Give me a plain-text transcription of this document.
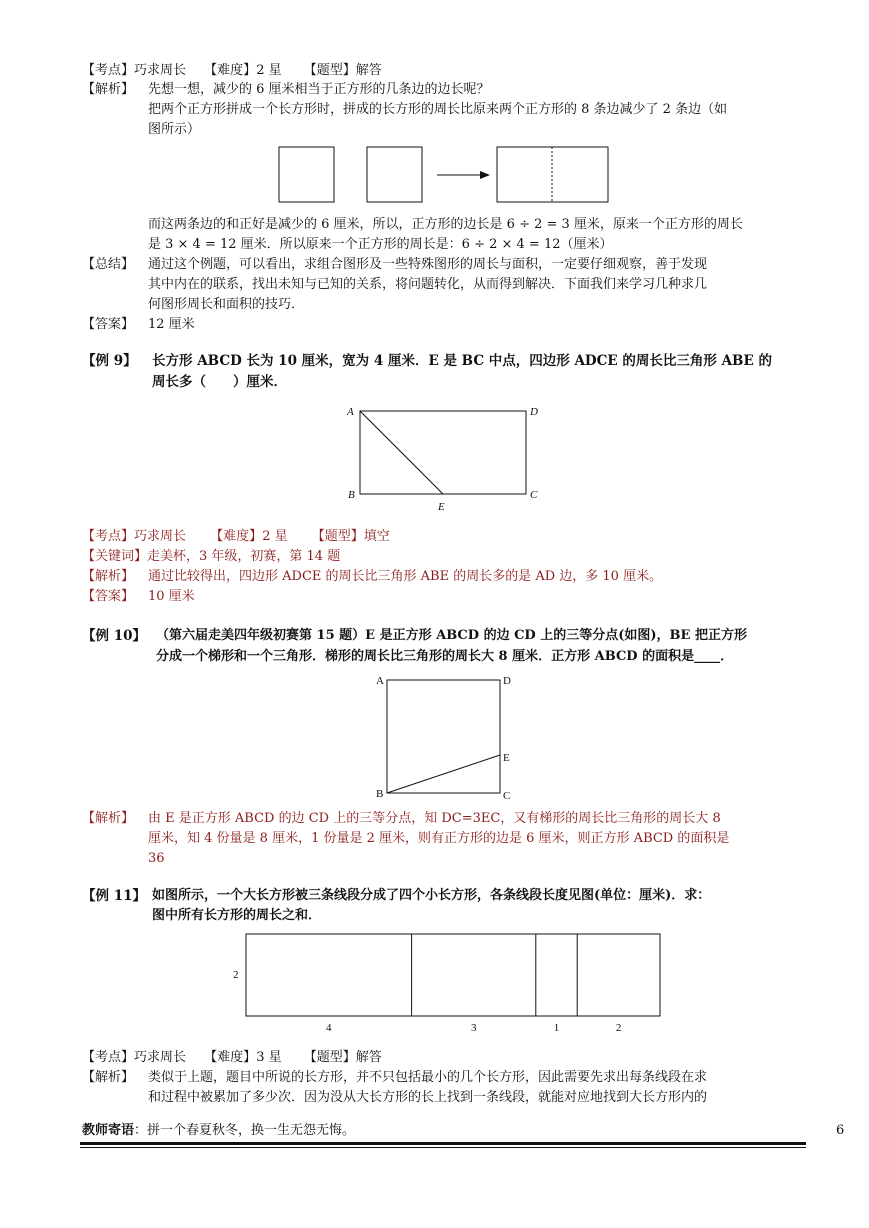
【考点】巧求周长 【难度】2 星 【题型】解答
【解析】 先想一想，减少的 6 厘米相当于正方形的几条边的边长呢？
把两个正方形拼成一个长方形时，拼成的长方形的周长比原来两个正方形的 8 条边减少了 2 条边（如
图所示）
而这两条边的和正好是减少的 6 厘米，所以，正方形的边长是 6 ÷ 2 = 3 厘米，原来一个正方形的周长
是 3 × 4 = 12 厘米．所以原来一个正方形的周长是：6 ÷ 2 × 4 = 12（厘米）
【总结】 通过这个例题，可以看出，求组合图形及一些特殊图形的周长与面积，一定要仔细观察，善于发现
其中内在的联系，找出未知与已知的关系，将问题转化，从而得到解决．下面我们来学习几种求几
何图形周长和面积的技巧．
【答案】 12 厘米
【例 9】 长方形 ABCD 长为 10 厘米，宽为 4 厘米．E 是 BC 中点，四边形 ADCE 的周长比三角形 ABE 的
周长多（　　）厘米．
A	D
B	C
E
【考点】巧求周长 【难度】2 星 【题型】填空
【关键词】走美杯，3 年级，初赛，第 14 题
【解析】 通过比较得出，四边形 ADCE 的周长比三角形 ABE 的周长多的是 AD 边，多 10 厘米。
【答案】 10 厘米
【例 10】 （第六届走美四年级初赛第 15 题）E 是正方形 ABCD 的边 CD 上的三等分点(如图)，BE 把正方形
分成一个梯形和一个三角形．梯形的周长比三角形的周长大 8 厘米．正方形 ABCD 的面积是____．
A	D
B	C
E
【解析】 由 E 是正方形 ABCD 的边 CD 上的三等分点，知 DC=3EC，又有梯形的周长比三角形的周长大 8
厘米，知 4 份量是 8 厘米，1 份量是 2 厘米，则有正方形的边是 6 厘米，则正方形 ABCD 的面积是
36
【例 11】 如图所示，一个大长方形被三条线段分成了四个小长方形，各条线段长度见图(单位：厘米)．求：
图中所有长方形的周长之和．
2
4	3	1	2
【考点】巧求周长 【难度】3 星 【题型】解答
【解析】 类似于上题，题目中所说的长方形，并不只包括最小的几个长方形，因此需要先求出每条线段在求
和过程中被累加了多少次．因为没从大长方形的长上找到一条线段，就能对应地找到大长方形内的
教师寄语：拼一个春夏秋冬，换一生无怨无悔。	6
